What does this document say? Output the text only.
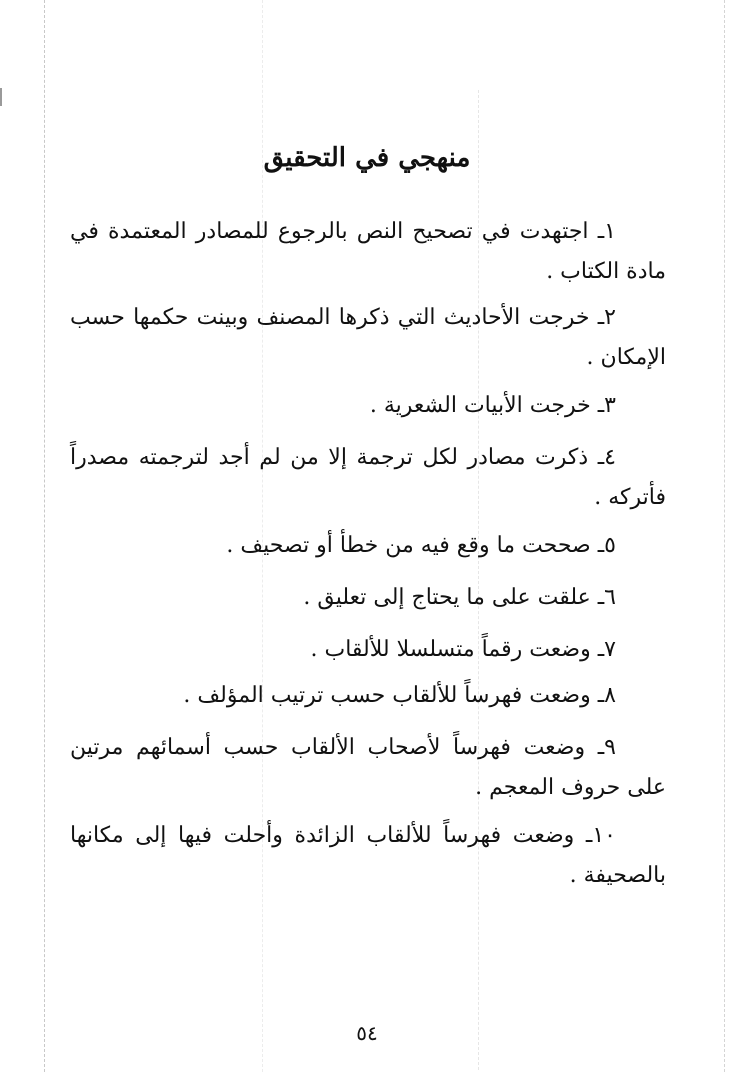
منهجي في التحقيق

١ـ اجتهدت في تصحيح النص بالرجوع للمصادر المعتمدة في مادة الكتاب .

٢ـ خرجت الأحاديث التي ذكرها المصنف وبينت حكمها حسب الإمكان .

٣ـ خرجت الأبيات الشعرية .

٤ـ ذكرت مصادر لكل ترجمة إلا من لم أجد لترجمته مصدراً فأتركه .

٥ـ صححت ما وقع فيه من خطأ أو تصحيف .

٦ـ علقت على ما يحتاج إلى تعليق .

٧ـ وضعت رقماً متسلسلا للألقاب .

٨ـ وضعت فهرساً للألقاب حسب ترتيب المؤلف .

٩ـ وضعت فهرساً لأصحاب الألقاب حسب أسمائهم مرتين على حروف المعجم .

١٠ـ وضعت فهرساً للألقاب الزائدة وأحلت فيها إلى مكانها بالصحيفة .

٥٤
